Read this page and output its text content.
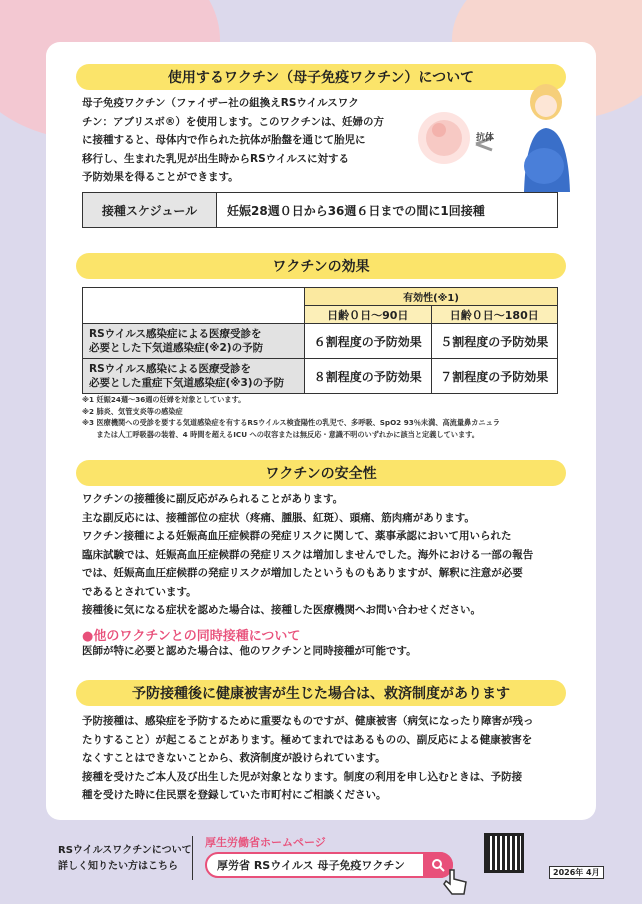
使用するワクチン（母子免疫ワクチン）について
母子免疫ワクチン（ファイザー社の組換えRSウイルスワク
チン：アブリスボ®）を使用します。このワクチンは、妊婦の方
に接種すると、母体内で作られた抗体が胎盤を通じて胎児に
移行し、生まれた乳児が出生時からRSウイルスに対する
予防効果を得ることができます。
抗体
接種スケジュール	妊娠28週０日から36週６日までの間に1回接種
ワクチンの効果
	有効性(※1)	
	日齢０日〜90日	日齢０日〜180日

RSウイルス感染症による医療受診を
必要とした下気道感染症(※2)の予防	６割程度の予防効果	５割程度の予防効果

RSウイルス感染による医療受診を
必要とした重症下気道感染症(※3)の予防	８割程度の予防効果	７割程度の予防効果
※1 妊娠24週〜36週の妊婦を対象としています。
※2 肺炎、気管支炎等の感染症
※3 医療機関への受診を要する気道感染症を有するRSウイルス検査陽性の乳児で、多呼吸、SpO2 93％未満、高流量鼻カニュラ
　　または人工呼吸器の装着、4 時間を超えるICU への収容または無反応・意識不明のいずれかに該当と定義しています。
ワクチンの安全性
ワクチンの接種後に副反応がみられることがあります。
主な副反応には、接種部位の症状（疼痛、腫脹、紅斑）、頭痛、筋肉痛があります。
ワクチン接種による妊娠高血圧症候群の発症リスクに関して、薬事承認において用いられた
臨床試験では、妊娠高血圧症候群の発症リスクは増加しませんでした。海外における一部の報告
では、妊娠高血圧症候群の発症リスクが増加したというものもありますが、解釈に注意が必要
であるとされています。
接種後に気になる症状を認めた場合は、接種した医療機関へお問い合わせください。
●他のワクチンとの同時接種について
医師が特に必要と認めた場合は、他のワクチンと同時接種が可能です。
予防接種後に健康被害が生じた場合は、救済制度があります
予防接種は、感染症を予防するために重要なものですが、健康被害（病気になったり障害が残っ
たりすること）が起こることがあります。極めてまれではあるものの、副反応による健康被害を
なくすことはできないことから、救済制度が設けられています。
接種を受けたご本人及び出生した児が対象となります。制度の利用を申し込むときは、予防接
種を受けた時に住民票を登録していた市町村にご相談ください。
RSウイルスワクチンについて
詳しく知りたい方はこちら
厚生労働省ホームページ
厚労省 RSウイルス 母子免疫ワクチン
2026年 4月
